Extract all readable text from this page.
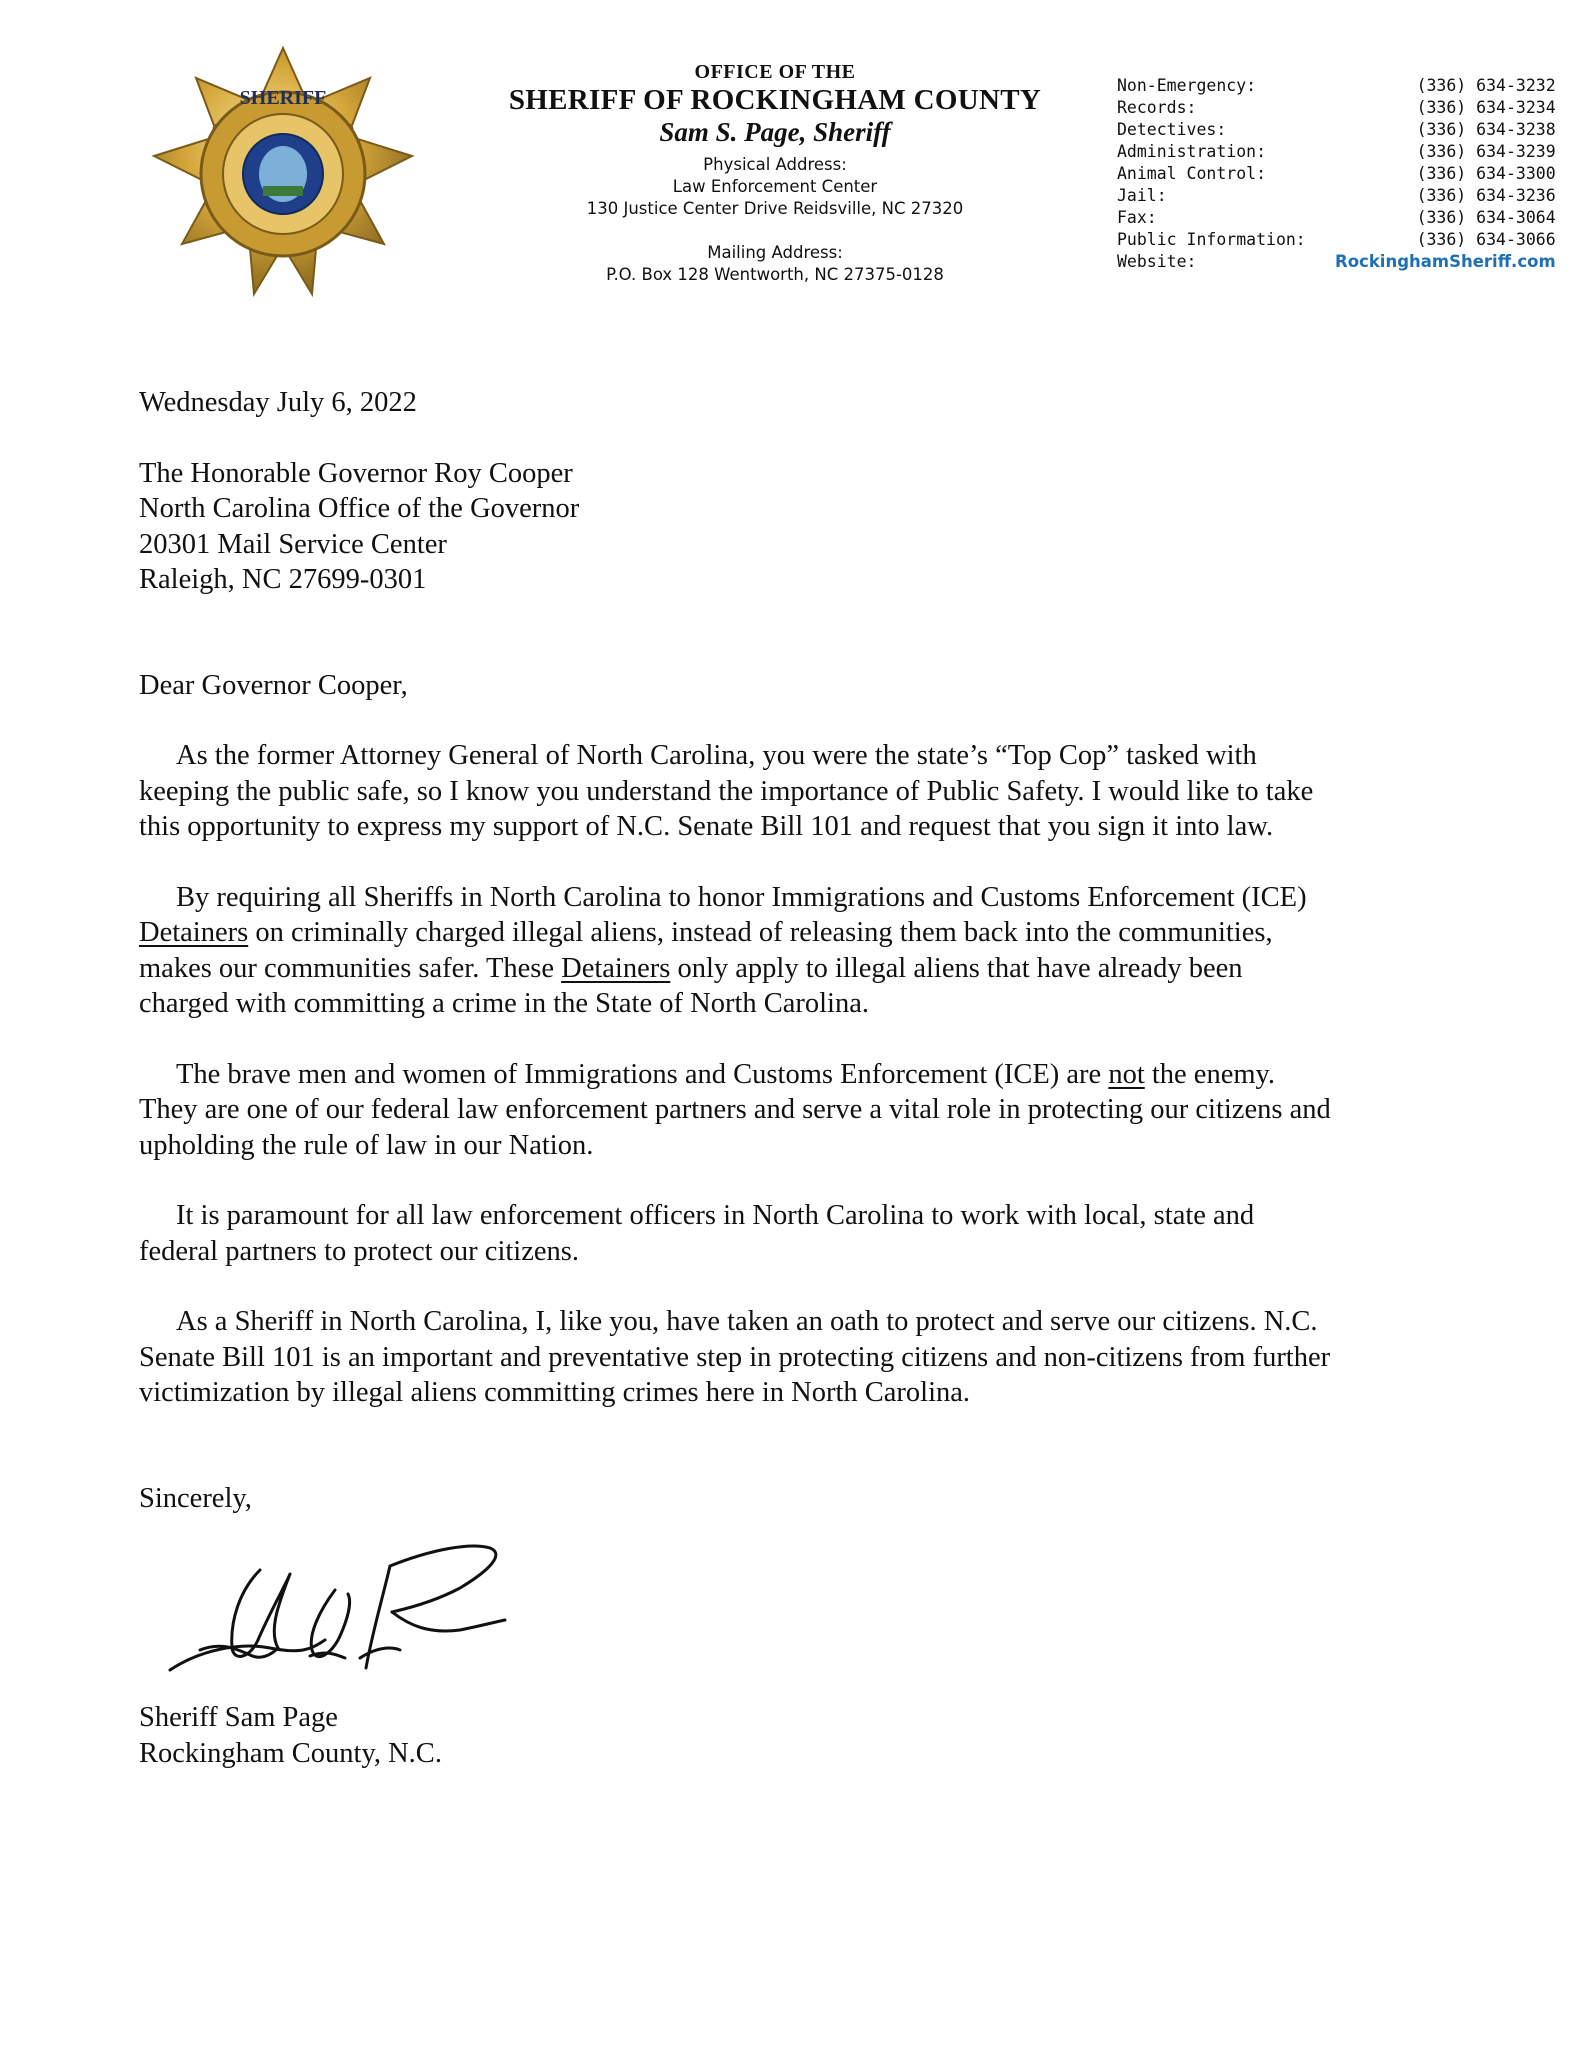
SHERIFF
OFFICE OF THE
SHERIFF OF ROCKINGHAM COUNTY
Sam S. Page, Sheriff
Physical Address:
Law Enforcement Center
130 Justice Center Drive Reidsville, NC 27320
Mailing Address:
P.O. Box 128 Wentworth, NC 27375-0128
Non-Emergency:	(336) 634-3232
Records:	(336) 634-3234
Detectives:	(336) 634-3238
Administration:	(336) 634-3239
Animal Control:	(336) 634-3300
Jail:	(336) 634-3236
Fax:	(336) 634-3064
Public Information:	(336) 634-3066
Website:	RockinghamSheriff.com
Wednesday July 6, 2022
The Honorable Governor Roy Cooper
North Carolina Office of the Governor
20301 Mail Service Center
Raleigh, NC 27699-0301
Dear Governor Cooper,
As the former Attorney General of North Carolina, you were the state’s “Top Cop” tasked with
keeping the public safe, so I know you understand the importance of Public Safety. I would like to take
this opportunity to express my support of N.C. Senate Bill 101 and request that you sign it into law.
By requiring all Sheriffs in North Carolina to honor Immigrations and Customs Enforcement (ICE)
Detainers on criminally charged illegal aliens, instead of releasing them back into the communities,
makes our communities safer. These Detainers only apply to illegal aliens that have already been
charged with committing a crime in the State of North Carolina.
The brave men and women of Immigrations and Customs Enforcement (ICE) are not the enemy.
They are one of our federal law enforcement partners and serve a vital role in protecting our citizens and
upholding the rule of law in our Nation.
It is paramount for all law enforcement officers in North Carolina to work with local, state and
federal partners to protect our citizens.
As a Sheriff in North Carolina, I, like you, have taken an oath to protect and serve our citizens. N.C.
Senate Bill 101 is an important and preventative step in protecting citizens and non-citizens from further
victimization by illegal aliens committing crimes here in North Carolina.
Sincerely,
Sheriff Sam Page
Rockingham County, N.C.
